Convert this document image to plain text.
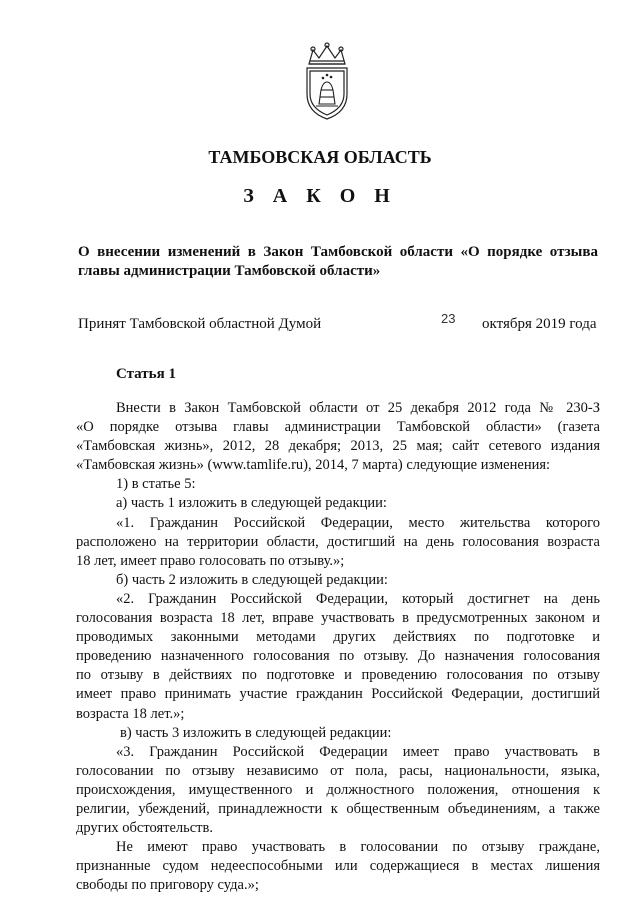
ТАМБОВСКАЯ ОБЛАСТЬ
З А К О Н
О внесении изменений в Закон Тамбовской области «О порядке отзыва
главы администрации Тамбовской области»
Принят Тамбовской областной Думой	23 октября 2019 года
Статья 1
Внести в Закон Тамбовской области от 25 декабря 2012 года № 230-З
«О порядке отзыва главы администрации Тамбовской области» (газета
«Тамбовская жизнь», 2012, 28 декабря; 2013, 25 мая; сайт сетевого издания
«Тамбовская жизнь» (www.tamlife.ru), 2014, 7 марта) следующие изменения:
1) в статье 5:
а) часть 1 изложить в следующей редакции:
«1. Гражданин Российской Федерации, место жительства которого
расположено на территории области, достигший на день голосования возраста
18 лет, имеет право голосовать по отзыву.»;
б) часть 2 изложить в следующей редакции:
«2. Гражданин Российской Федерации, который достигнет на день
голосования возраста 18 лет, вправе участвовать в предусмотренных законом и
проводимых законными методами других действиях по подготовке и
проведению назначенного голосования по отзыву. До назначения голосования
по отзыву в действиях по подготовке и проведению голосования по отзыву
имеет право принимать участие гражданин Российской Федерации, достигший
возраста 18 лет.»;
в) часть 3 изложить в следующей редакции:
«3. Гражданин Российской Федерации имеет право участвовать в
голосовании по отзыву независимо от пола, расы, национальности, языка,
происхождения, имущественного и должностного положения, отношения к
религии, убеждений, принадлежности к общественным объединениям, а также
других обстоятельств.
Не имеют право участвовать в голосовании по отзыву граждане,
признанные судом недееспособными или содержащиеся в местах лишения
свободы по приговору суда.»;
